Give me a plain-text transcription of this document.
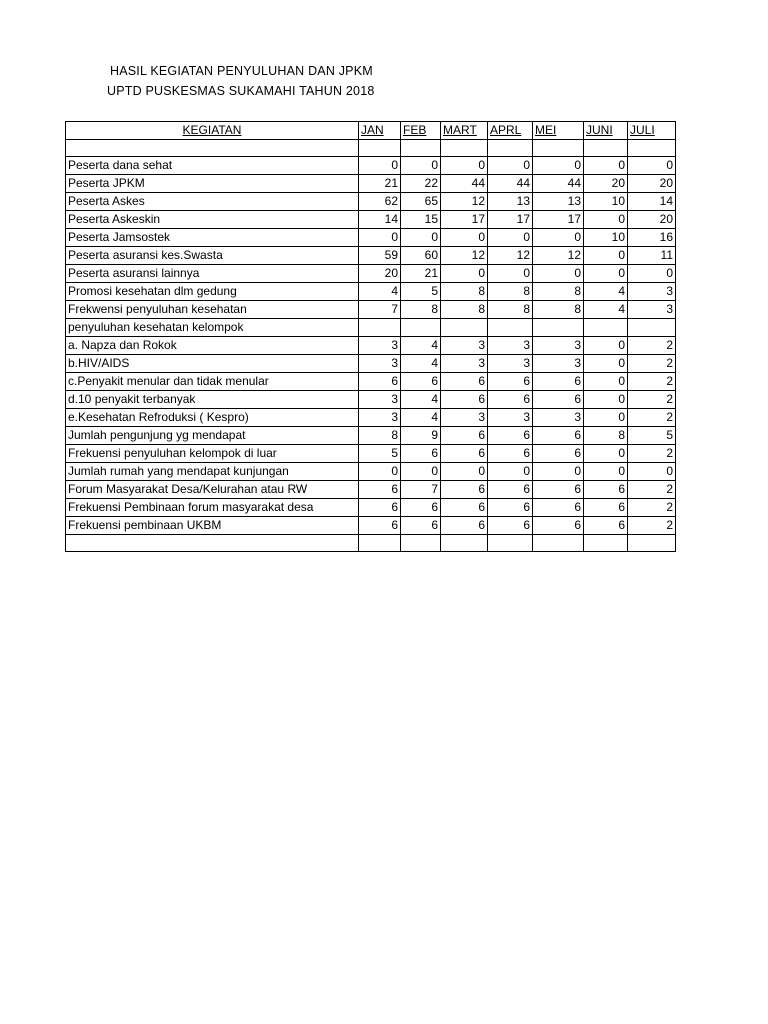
HASIL KEGIATAN PENYULUHAN DAN JPKM
UPTD PUSKESMAS SUKAMAHI TAHUN 2018
KEGIATAN	JAN	FEB	MART	APRL	MEI	JUNI	JULI

Peserta dana sehat	0	0	0	0	0	0	0
Peserta JPKM	21	22	44	44	44	20	20
Peserta Askes	62	65	12	13	13	10	14
Peserta Askeskin	14	15	17	17	17	0	20
Peserta Jamsostek	0	0	0	0	0	10	16
Peserta asuransi kes.Swasta	59	60	12	12	12	0	11
Peserta asuransi lainnya	20	21	0	0	0	0	0
Promosi kesehatan dlm gedung	4	5	8	8	8	4	3
Frekwensi penyuluhan kesehatan	7	8	8	8	8	4	3
penyuluhan kesehatan kelompok							
a. Napza dan Rokok	3	4	3	3	3	0	2
b.HIV/AIDS	3	4	3	3	3	0	2
c.Penyakit menular dan tidak menular	6	6	6	6	6	0	2
d.10 penyakit terbanyak	3	4	6	6	6	0	2
e.Kesehatan Refroduksi ( Kespro)	3	4	3	3	3	0	2
Jumlah pengunjung yg mendapat	8	9	6	6	6	8	5
Frekuensi penyuluhan kelompok di luar	5	6	6	6	6	0	2
Jumlah rumah yang mendapat kunjungan	0	0	0	0	0	0	0
Forum Masyarakat Desa/Kelurahan atau RW	6	7	6	6	6	6	2
Frekuensi Pembinaan forum masyarakat desa	6	6	6	6	6	6	2
Frekuensi pembinaan UKBM	6	6	6	6	6	6	2
